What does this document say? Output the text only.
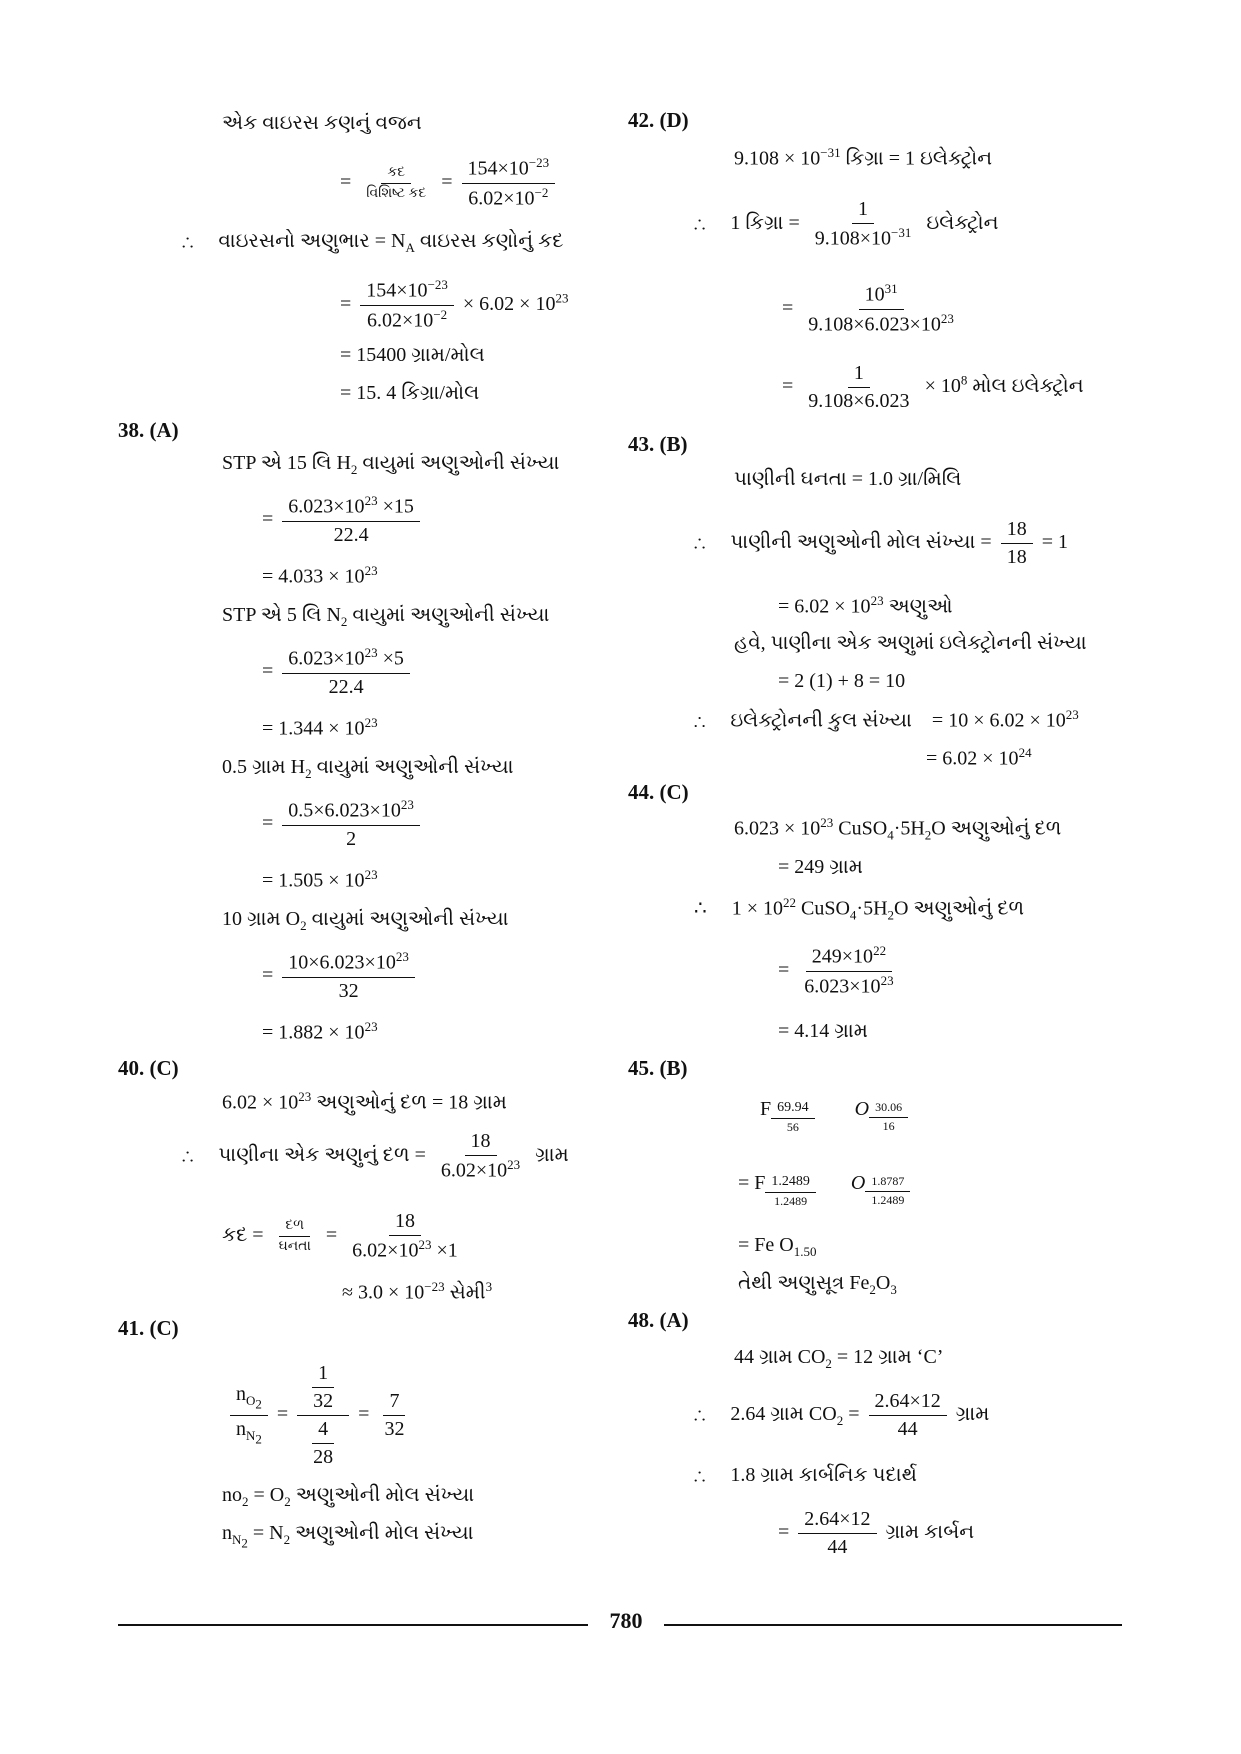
એક વાઇરસ કણનું વજન
= $\frac{\text{કદ}}{\text{વિશિષ્ટ કદ}} = \frac{154\times 10^{-23}}{6.02\times 10^{-2}}$
∴ વાઇરસનો અણુભાર = $N_A$ વાઇરસ કણોનું કદ
= $\frac{154\times 10^{-23}}{6.02\times 10^{-2}} \times 6.02 \times 10^{23}$
= 15400 ગ્રામ/મોલ
= 15. 4 કિગ્રા/મોલ
38. (A)
STP એ 15 લિ $H_2$ વાયુમાં અણુઓની સંખ્યા
= $\frac{6.023\times 10^{23} \times 15}{22.4}$
= $4.033 \times 10^{23}$
STP એ 5 લિ $N_2$ વાયુમાં અણુઓની સંખ્યા
= $\frac{6.023\times 10^{23} \times 5}{22.4}$
= $1.344 \times 10^{23}$
0.5 ગ્રામ $H_2$ વાયુમાં અણુઓની સંખ્યા
= $\frac{0.5\times 6.023\times 10^{23}}{2}$
= $1.505 \times 10^{23}$
10 ગ્રામ $O_2$ વાયુમાં અણુઓની સંખ્યા
= $\frac{10\times 6.023\times 10^{23}}{32}$
= $1.882 \times 10^{23}$
40. (C)
$6.02 \times 10^{23}$ અણુઓનું દળ = 18 ગ્રામ
∴ પાણીના એક અણુનું દળ = $\frac{18}{6.02\times 10^{23}}$ ગ્રામ
કદ = $\frac{\text{દળ}}{\text{ઘનતા}} = \frac{18}{6.02\times 10^{23} \times 1}$
≈ $3.0 \times 10^{-23}$ સેમી$^3$
41. (C)
$\frac{n_{O_2}}{n_{N_2}} = \frac{\frac{1}{32}}{\frac{4}{28}} = \frac{7}{32}$
$no_2 = O_2$ અણુઓની મોલ સંખ્યા
$n_{N_2} = N_2$ અણુઓની મોલ સંખ્યા
42. (D)
$9.108 \times 10^{-31}$ કિગ્રા = 1 ઇલેક્ટ્રોન
∴ 1 કિગ્રા = $\frac{1}{9.108\times 10^{-31}}$ ઇલેક્ટ્રોન
= $\frac{10^{31}}{9.108\times 6.023\times 10^{23}}$
= $\frac{1}{9.108\times 6.023} \times 10^8$ મોલ ઇલેક્ટ્રોન
43. (B)
પાણીની ઘનતા = 1.0 ગ્રા/મિલિ
∴ પાણીની અણુઓની મોલ સંખ્યા = $\frac{18}{18} = 1$
= $6.02 \times 10^{23}$ અણુઓ
હવે, પાણીના એક અણુમાં ઇલેક્ટ્રોનની સંખ્યા
= 2 (1) + 8 = 10
∴ ઇલેક્ટ્રોનની કુલ સંખ્યા = $10 \times 6.02 \times 10^{23}$
= $6.02 \times 10^{24}$
44. (C)
$6.023 \times 10^{23}$ $CuSO_4\cdot 5H_2O$ અણુઓનું દળ
= 249 ગ્રામ
∴ $1 \times 10^{22}$ $CuSO_4\cdot 5H_2O$ અણુઓનું દળ
= $\frac{249\times 10^{22}}{6.023\times 10^{23}}$
= 4.14 ગ્રામ
45. (B)
F $_{\frac{69.94}{56}}$ O $_{\frac{30.06}{16}}$
= F $_{\frac{1.2489}{1.2489}}$ O $_{\frac{1.8787}{1.2489}}$
= Fe $O_{1.50}$
તેથી અણુસૂત્ર $Fe_2O_3$
48. (A)
44 ગ્રામ $CO_2 = 12$ ગ્રામ ‘C’
∴ 2.64 ગ્રામ $CO_2 = \frac{2.64\times 12}{44}$ ગ્રામ
∴ 1.8 ગ્રામ કાર્બનિક પદાર્થ
= $\frac{2.64\times 12}{44}$ ગ્રામ કાર્બન
780
